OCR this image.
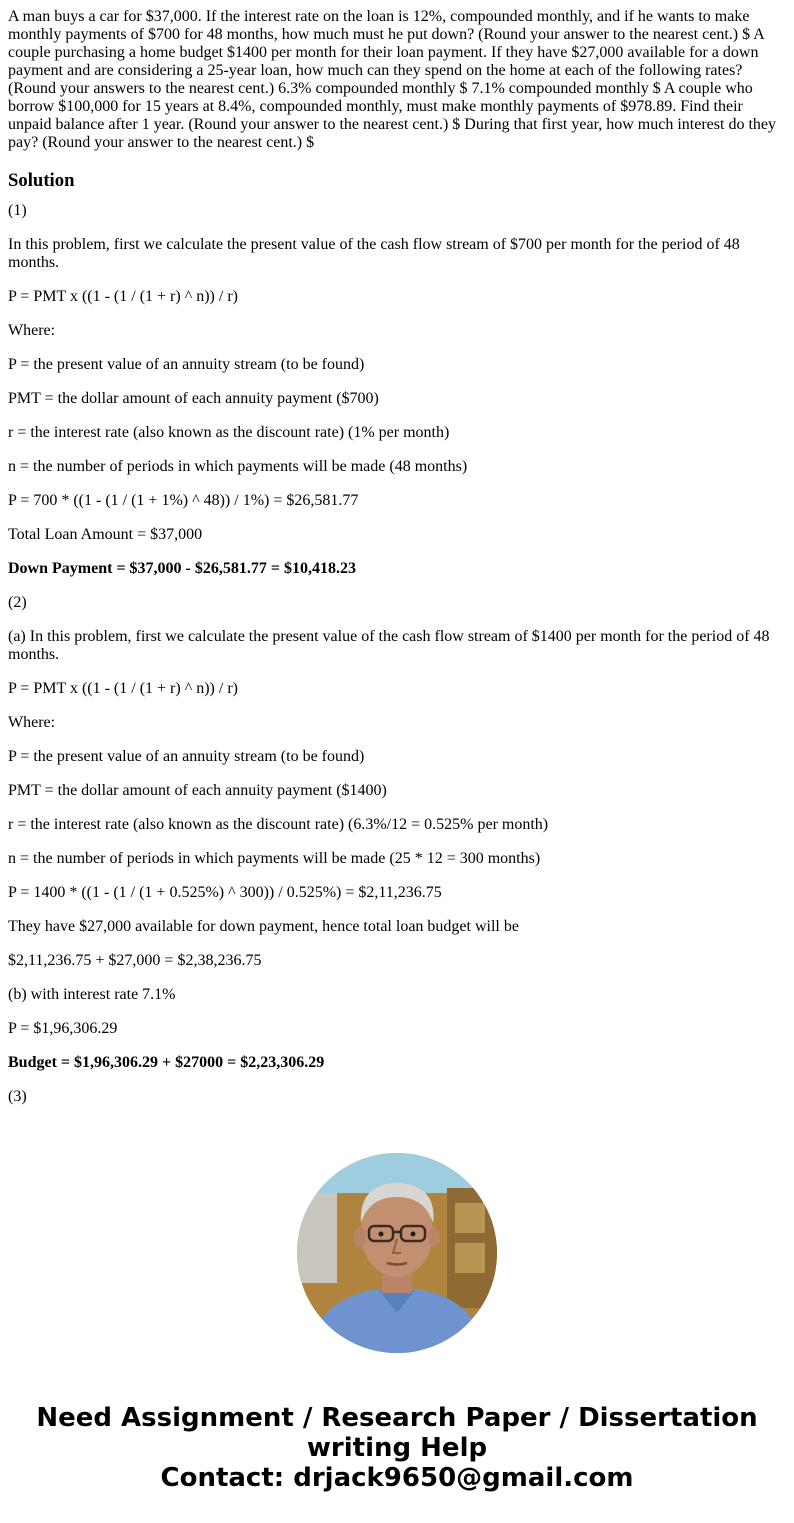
A man buys a car for $37,000. If the interest rate on the loan is 12%, compounded monthly, and if he wants to make monthly payments of $700 for 48 months, how much must he put down? (Round your answer to the nearest cent.) $ A couple purchasing a home budget $1400 per month for their loan payment. If they have $27,000 available for a down payment and are considering a 25-year loan, how much can they spend on the home at each of the following rates? (Round your answers to the nearest cent.) 6.3% compounded monthly $ 7.1% compounded monthly $ A couple who borrow $100,000 for 15 years at 8.4%, compounded monthly, must make monthly payments of $978.89. Find their unpaid balance after 1 year. (Round your answer to the nearest cent.) $ During that first year, how much interest do they pay? (Round your answer to the nearest cent.) $

Solution

(1)

In this problem, first we calculate the present value of the cash flow stream of $700 per month for the period of 48 months.

P = PMT x ((1 - (1 / (1 + r) ^ n)) / r)

Where:

P = the present value of an annuity stream (to be found)

PMT = the dollar amount of each annuity payment ($700)

r = the interest rate (also known as the discount rate) (1% per month)

n = the number of periods in which payments will be made (48 months)

P = 700 * ((1 - (1 / (1 + 1%) ^ 48)) / 1%) = $26,581.77

Total Loan Amount = $37,000

Down Payment = $37,000 - $26,581.77 = $10,418.23

(2)

(a) In this problem, first we calculate the present value of the cash flow stream of $1400 per month for the period of 48 months.

P = PMT x ((1 - (1 / (1 + r) ^ n)) / r)

Where:

P = the present value of an annuity stream (to be found)

PMT = the dollar amount of each annuity payment ($1400)

r = the interest rate (also known as the discount rate) (6.3%/12 = 0.525% per month)

n = the number of periods in which payments will be made (25 * 12 = 300 months)

P = 1400 * ((1 - (1 / (1 + 0.525%) ^ 300)) / 0.525%) = $2,11,236.75

They have $27,000 available for down payment, hence total loan budget will be

$2,11,236.75 + $27,000 = $2,38,236.75

(b) with interest rate 7.1%

P = $1,96,306.29

Budget = $1,96,306.29 + $27000 = $2,23,306.29

(3)

Need Assignment / Research Paper / Dissertation
writing Help
Contact: drjack9650@gmail.com
